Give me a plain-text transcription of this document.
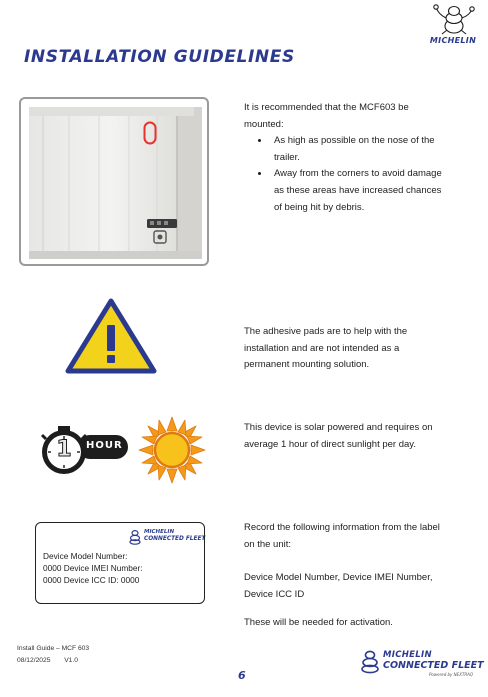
MICHELIN
INSTALLATION GUIDELINES

It is recommended that the MCF603 be mounted:

• As high as possible on the nose of the trailer.
• Away from the corners to avoid damage as these areas have increased chances of being hit by debris.

The adhesive pads are to help with the installation and are not intended as a permanent mounting solution.

1	HOUR

This device is solar powered and requires on average 1 hour of direct sunlight per day.

MICHELIN
CONNECTED FLEET
Device Model Number:
0000 Device IMEI Number:
0000 Device ICC ID: 0000

Record the following information from the label on the unit:

Device Model Number, Device IMEI Number, Device ICC ID

These will be needed for activation.

Install Guide – MCF 603
08/12/2025 V1.0
6
MICHELIN
CONNECTED FLEET
Powered by NEXTRAQ
